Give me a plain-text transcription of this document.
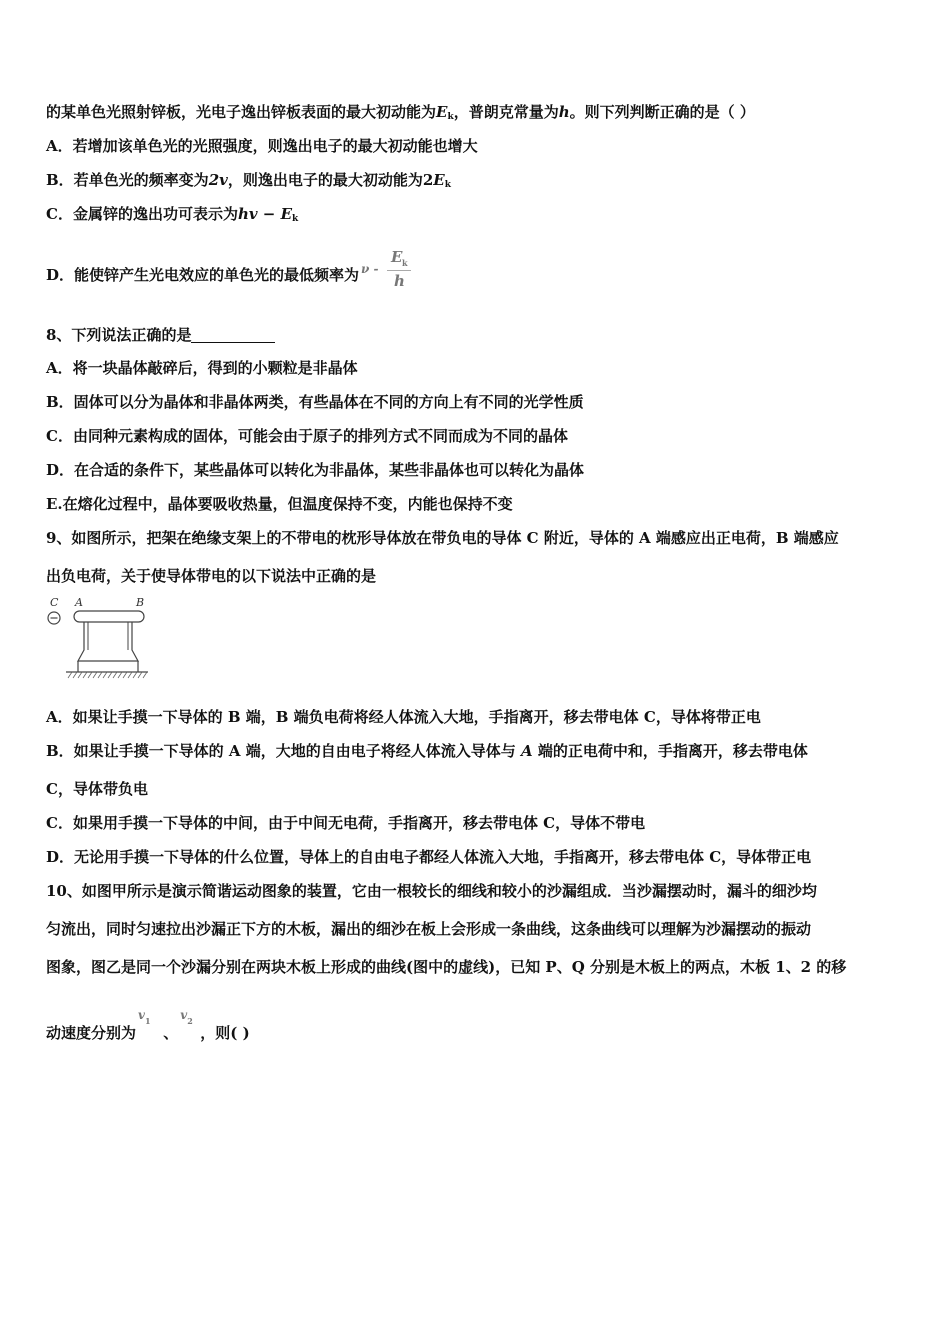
的某单色光照射锌板，光电子逸出锌板表面的最大初动能为$E_k$，普朗克常量为h。则下列判断正确的是（ ）
A．若增加该单色光的光照强度，则逸出电子的最大初动能也增大
B．若单色光的频率变为2v，则逸出电子的最大初动能为$2E_k$
C．金属锌的逸出功可表示为hv − $E_k$
D．能使锌产生光电效应的单色光的最低频率为 ν -
E k
h
8、下列说法正确的是
A．将一块晶体敲碎后，得到的小颗粒是非晶体
B．固体可以分为晶体和非晶体两类，有些晶体在不同的方向上有不同的光学性质
C．由同种元素构成的固体，可能会由于原子的排列方式不同而成为不同的晶体
D．在合适的条件下，某些晶体可以转化为非晶体，某些非晶体也可以转化为晶体
E.在熔化过程中，晶体要吸收热量，但温度保持不变，内能也保持不变
9、如图所示，把架在绝缘支架上的不带电的枕形导体放在带负电的导体 C 附近，导体的 A 端感应出正电荷，B 端感应
出负电荷，关于使导体带电的以下说法中正确的是
C A	B
A．如果让手摸一下导体的 B 端，B 端负电荷将经人体流入大地，手指离开，移去带电体 C，导体将带正电
B．如果让手摸一下导体的 A 端，大地的自由电子将经人体流入导体与 A 端的正电荷中和，手指离开，移去带电体
C，导体带负电
C．如果用手摸一下导体的中间，由于中间无电荷，手指离开，移去带电体 C，导体不带电
D．无论用手摸一下导体的什么位置，导体上的自由电子都经人体流入大地，手指离开，移去带电体 C，导体带正电
10、如图甲所示是演示简谐运动图象的装置，它由一根较长的细线和较小的沙漏组成．当沙漏摆动时，漏斗的细沙均
匀流出，同时匀速拉出沙漏正下方的木板，漏出的细沙在板上会形成一条曲线，这条曲线可以理解为沙漏摆动的振动
图象，图乙是同一个沙漏分别在两块木板上形成的曲线(图中的虚线)，已知 P、Q 分别是木板上的两点，木板 1、2 的移
动速度分别为
v 1
、
v 2
，则( )
